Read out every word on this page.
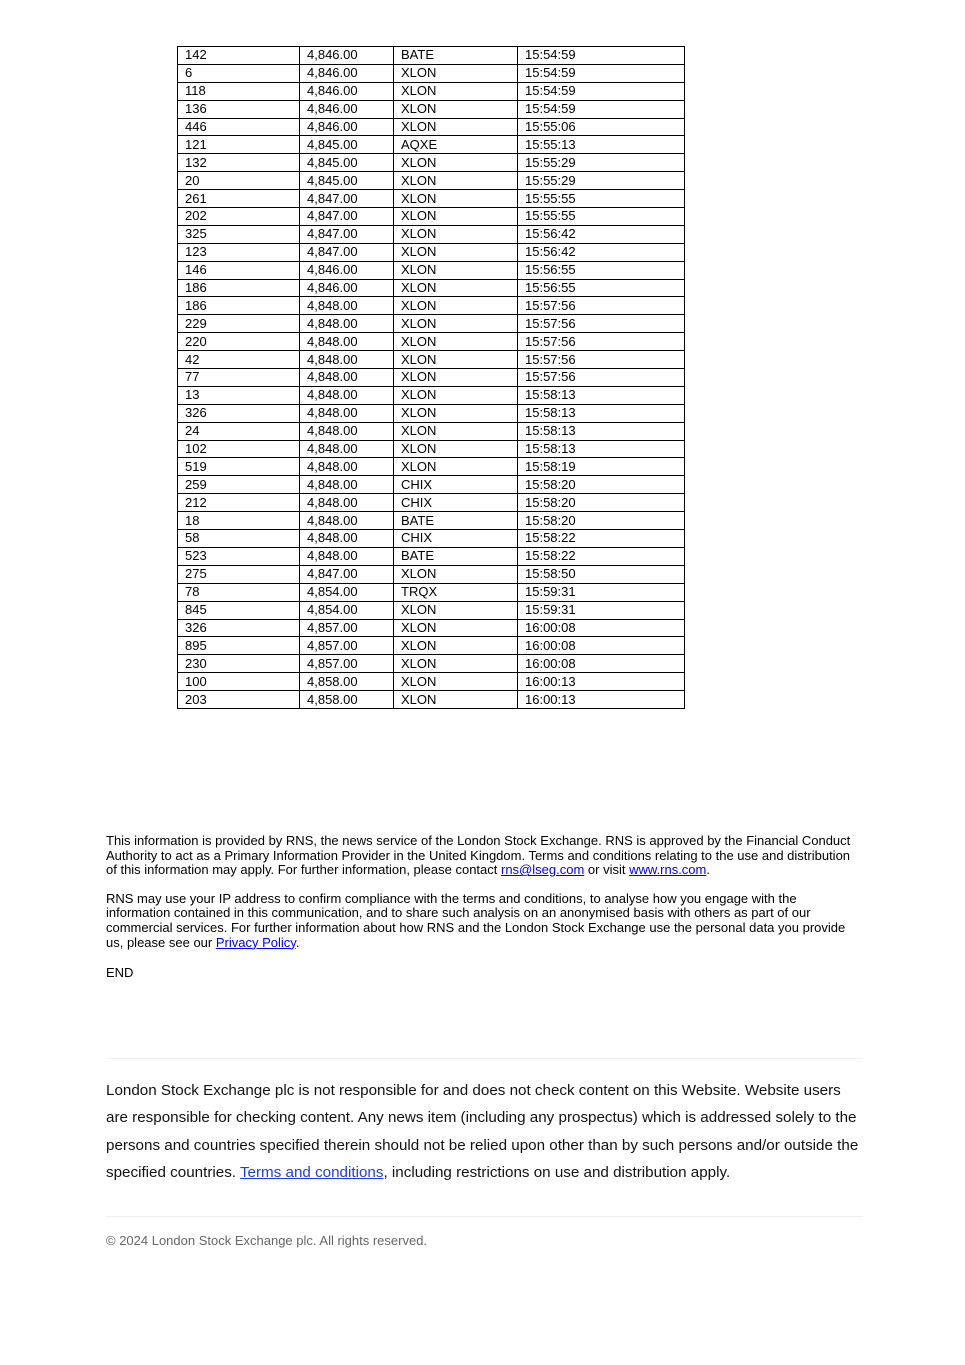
142	4,846.00	BATE	15:54:59
6	4,846.00	XLON	15:54:59
118	4,846.00	XLON	15:54:59
136	4,846.00	XLON	15:54:59
446	4,846.00	XLON	15:55:06
121	4,845.00	AQXE	15:55:13
132	4,845.00	XLON	15:55:29
20	4,845.00	XLON	15:55:29
261	4,847.00	XLON	15:55:55
202	4,847.00	XLON	15:55:55
325	4,847.00	XLON	15:56:42
123	4,847.00	XLON	15:56:42
146	4,846.00	XLON	15:56:55
186	4,846.00	XLON	15:56:55
186	4,848.00	XLON	15:57:56
229	4,848.00	XLON	15:57:56
220	4,848.00	XLON	15:57:56
42	4,848.00	XLON	15:57:56
77	4,848.00	XLON	15:57:56
13	4,848.00	XLON	15:58:13
326	4,848.00	XLON	15:58:13
24	4,848.00	XLON	15:58:13
102	4,848.00	XLON	15:58:13
519	4,848.00	XLON	15:58:19
259	4,848.00	CHIX	15:58:20
212	4,848.00	CHIX	15:58:20
18	4,848.00	BATE	15:58:20
58	4,848.00	CHIX	15:58:22
523	4,848.00	BATE	15:58:22
275	4,847.00	XLON	15:58:50
78	4,854.00	TRQX	15:59:31
845	4,854.00	XLON	15:59:31
326	4,857.00	XLON	16:00:08
895	4,857.00	XLON	16:00:08
230	4,857.00	XLON	16:00:08
100	4,858.00	XLON	16:00:13
203	4,858.00	XLON	16:00:13

This information is provided by RNS, the news service of the London Stock Exchange. RNS is approved by the Financial Conduct Authority to act as a Primary Information Provider in the United Kingdom. Terms and conditions relating to the use and distribution of this information may apply. For further information, please contact rns@lseg.com or visit www.rns.com.

RNS may use your IP address to confirm compliance with the terms and conditions, to analyse how you engage with the information contained in this communication, and to share such analysis on an anonymised basis with others as part of our commercial services. For further information about how RNS and the London Stock Exchange use the personal data you provide us, please see our Privacy Policy.

END
London Stock Exchange plc is not responsible for and does not check content on this Website. Website users are responsible for checking content. Any news item (including any prospectus) which is addressed solely to the persons and countries specified therein should not be relied upon other than by such persons and/or outside the specified countries. Terms and conditions, including restrictions on use and distribution apply.
© 2024 London Stock Exchange plc. All rights reserved.
